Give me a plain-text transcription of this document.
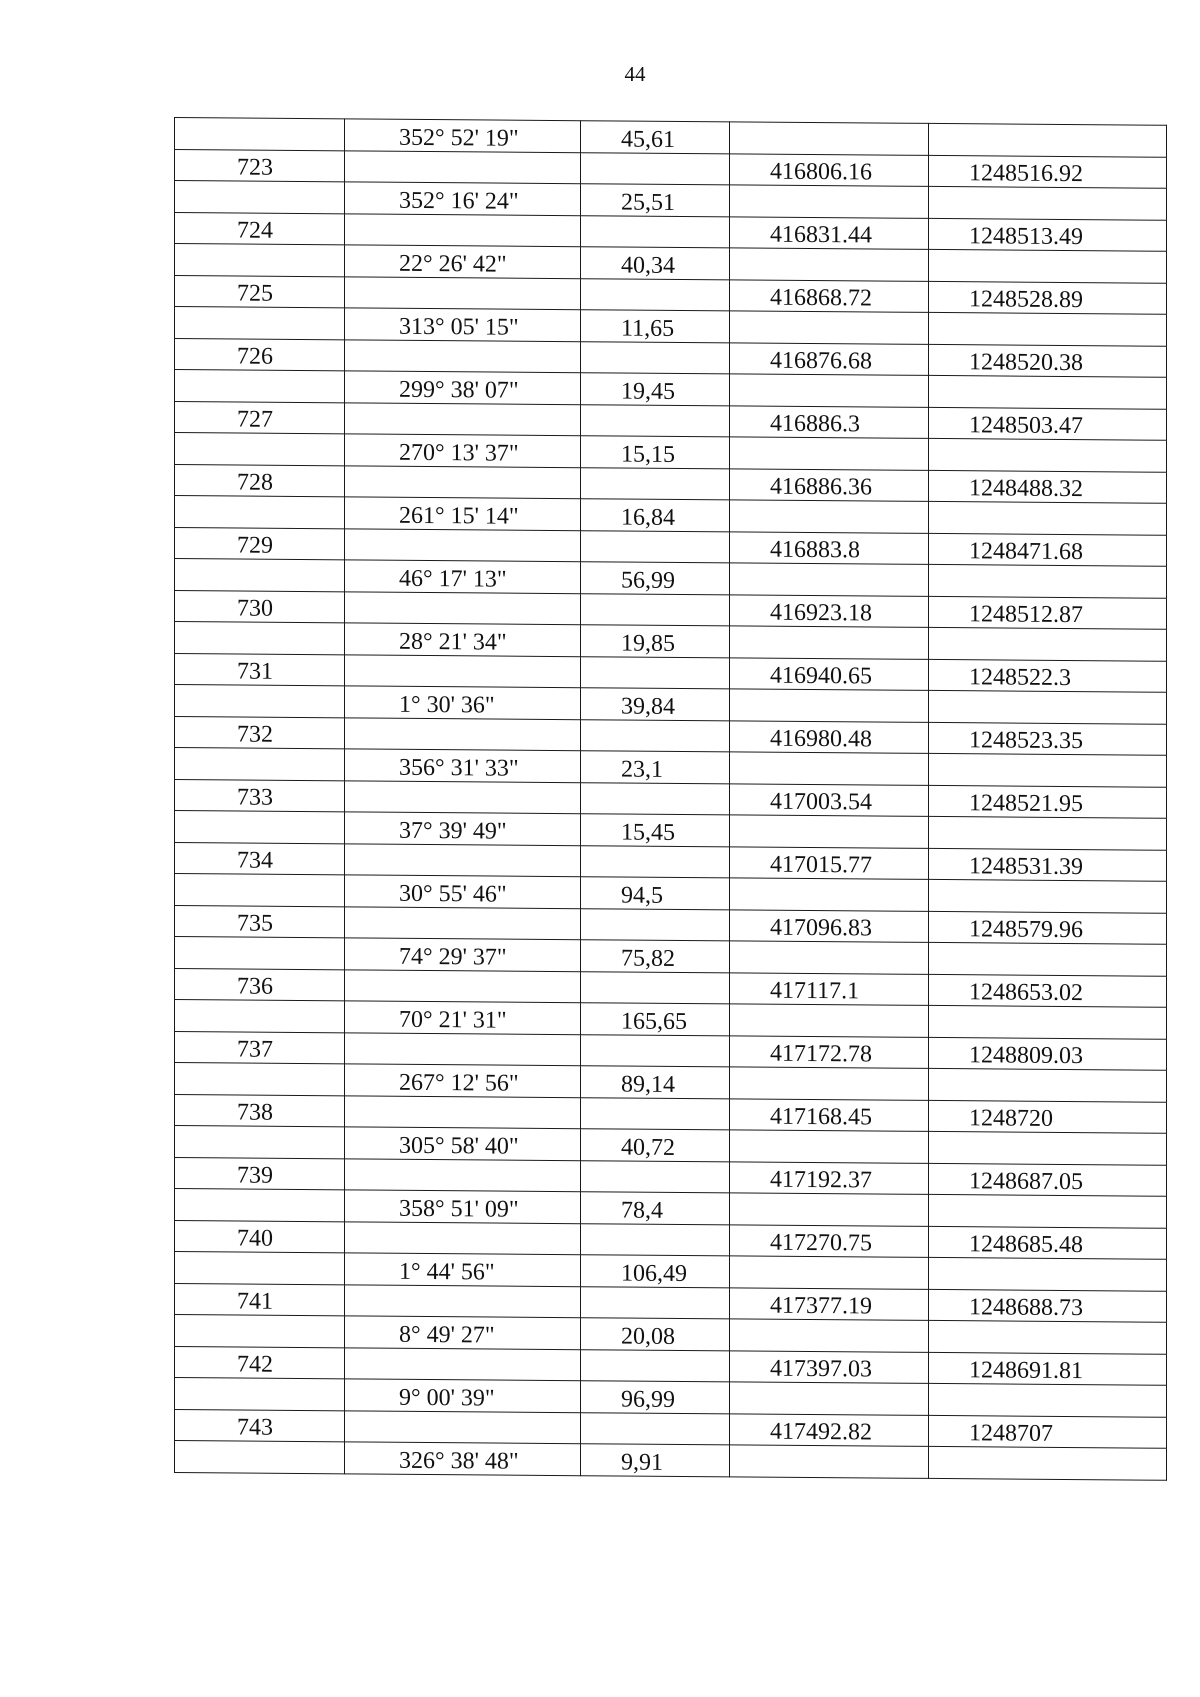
44
	352° 52' 19"	45,61		
723			416806.16	1248516.92
	352° 16' 24"	25,51		
724			416831.44	1248513.49
	22° 26' 42"	40,34		
725			416868.72	1248528.89
	313° 05' 15"	11,65		
726			416876.68	1248520.38
	299° 38' 07"	19,45		
727			416886.3	1248503.47
	270° 13' 37"	15,15		
728			416886.36	1248488.32
	261° 15' 14"	16,84		
729			416883.8	1248471.68
	46° 17' 13"	56,99		
730			416923.18	1248512.87
	28° 21' 34"	19,85		
731			416940.65	1248522.3
	1° 30' 36"	39,84		
732			416980.48	1248523.35
	356° 31' 33"	23,1		
733			417003.54	1248521.95
	37° 39' 49"	15,45		
734			417015.77	1248531.39
	30° 55' 46"	94,5		
735			417096.83	1248579.96
	74° 29' 37"	75,82		
736			417117.1	1248653.02
	70° 21' 31"	165,65		
737			417172.78	1248809.03
	267° 12' 56"	89,14		
738			417168.45	1248720
	305° 58' 40"	40,72		
739			417192.37	1248687.05
	358° 51' 09"	78,4		
740			417270.75	1248685.48
	1° 44' 56"	106,49		
741			417377.19	1248688.73
	8° 49' 27"	20,08		
742			417397.03	1248691.81
	9° 00' 39"	96,99		
743			417492.82	1248707
	326° 38' 48"	9,91		
